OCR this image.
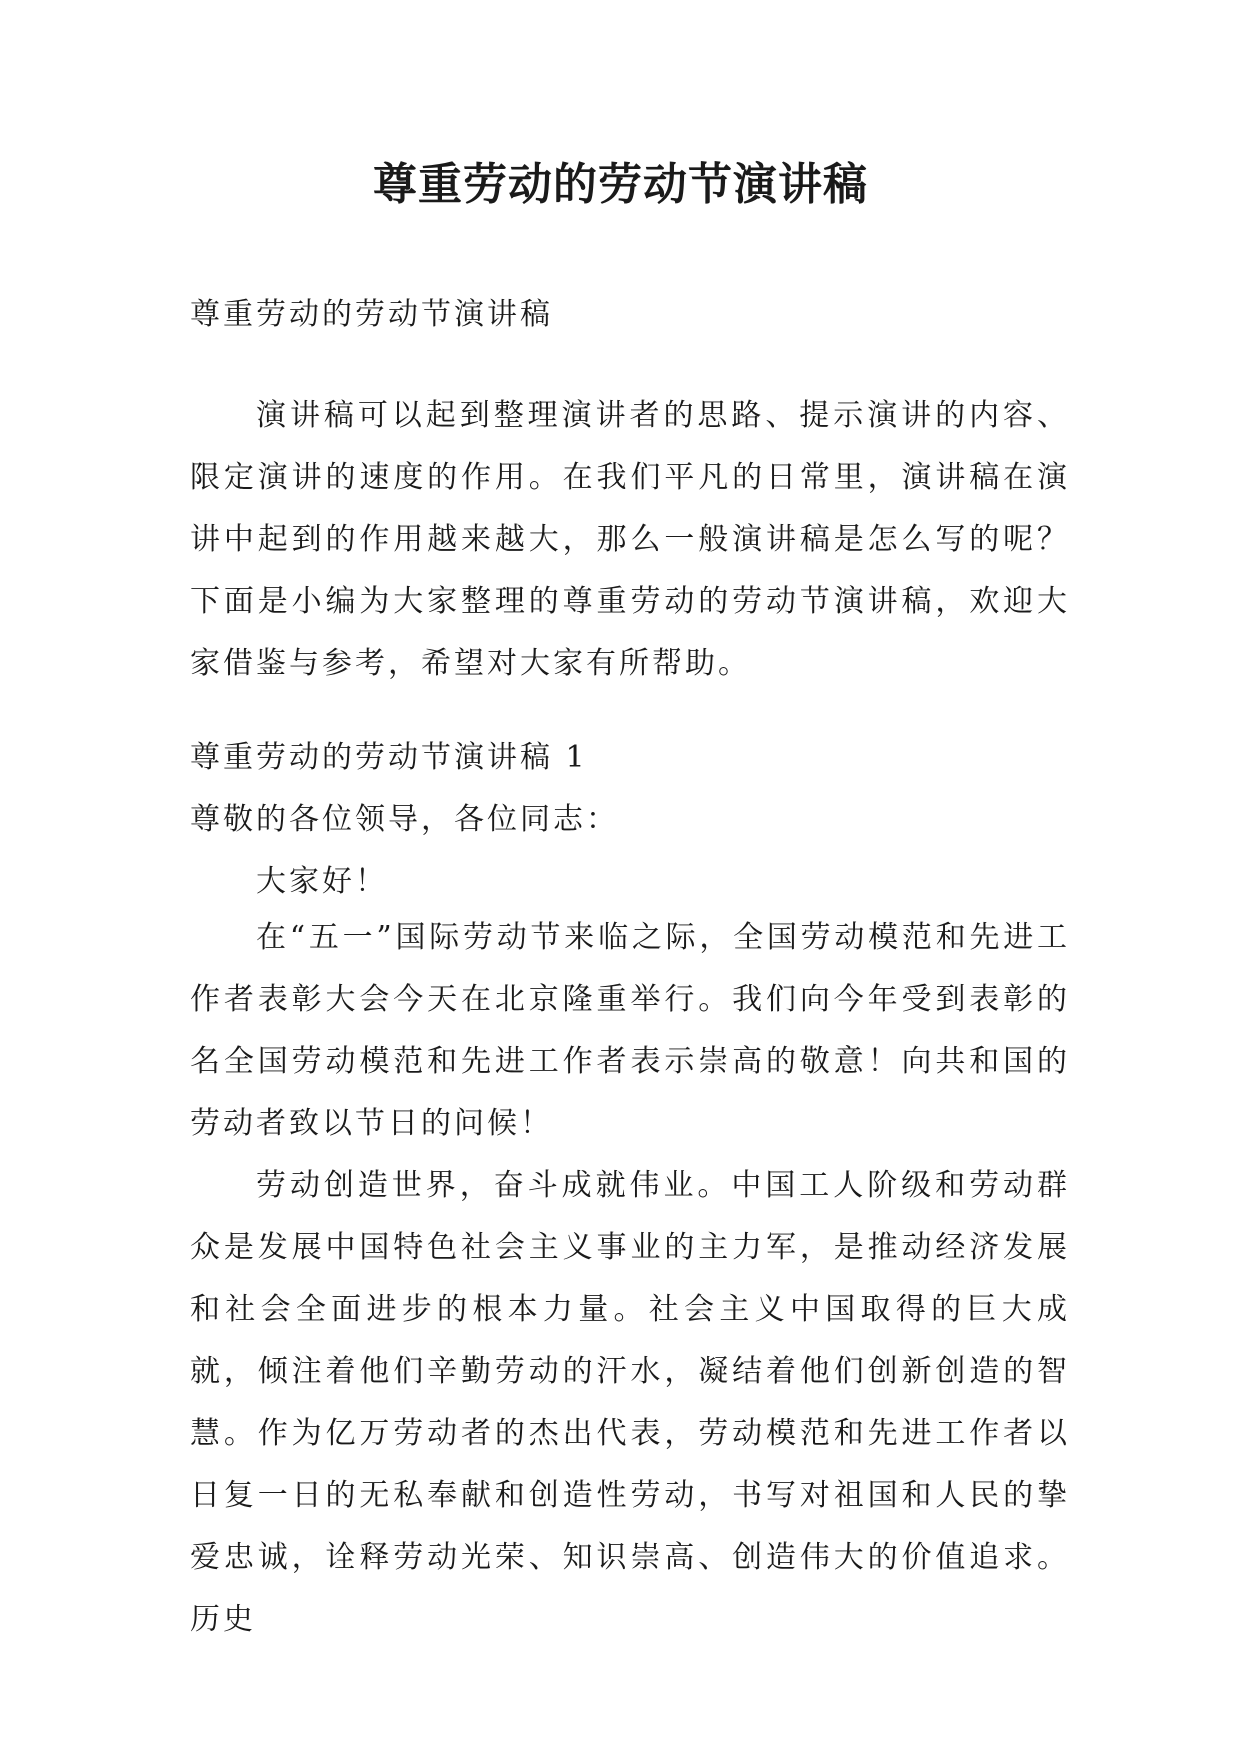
尊重劳动的劳动节演讲稿

尊重劳动的劳动节演讲稿

演讲稿可以起到整理演讲者的思路、提示演讲的内容、限定演讲的速度的作用。在我们平凡的日常里，演讲稿在演讲中起到的作用越来越大，那么一般演讲稿是怎么写的呢？下面是小编为大家整理的尊重劳动的劳动节演讲稿，欢迎大家借鉴与参考，希望对大家有所帮助。

尊重劳动的劳动节演讲稿 1

尊敬的各位领导，各位同志：

大家好！

在“五一”国际劳动节来临之际，全国劳动模范和先进工作者表彰大会今天在北京隆重举行。我们向今年受到表彰的名全国劳动模范和先进工作者表示崇高的敬意！向共和国的劳动者致以节日的问候！

劳动创造世界，奋斗成就伟业。中国工人阶级和劳动群众是发展中国特色社会主义事业的主力军，是推动经济发展和社会全面进步的根本力量。社会主义中国取得的巨大成就，倾注着他们辛勤劳动的汗水，凝结着他们创新创造的智慧。作为亿万劳动者的杰出代表，劳动模范和先进工作者以日复一日的无私奉献和创造性劳动，书写对祖国和人民的挚爱忠诚，诠释劳动光荣、知识崇高、创造伟大的价值追求。历史
